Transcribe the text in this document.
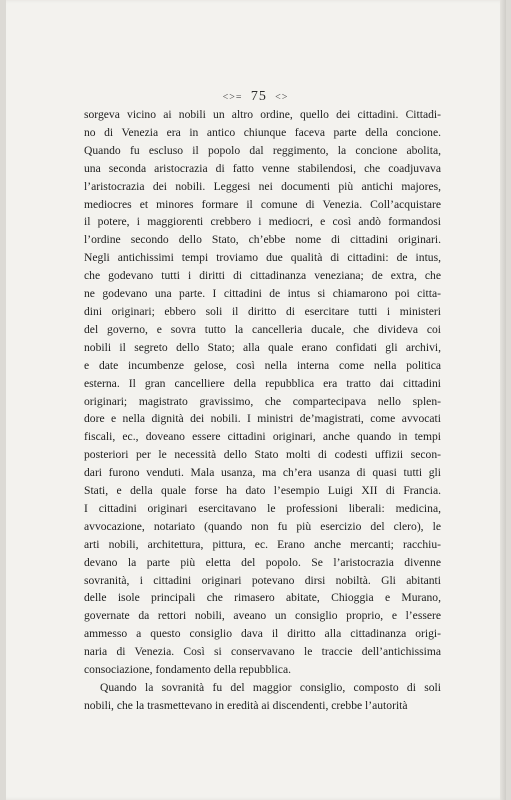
<>= 75 <>
sorgeva vicino ai nobili un altro ordine, quello dei cittadini. Cittadi-
no di Venezia era in antico chiunque faceva parte della concione.
Quando fu escluso il popolo dal reggimento, la concione abolita,
una seconda aristocrazia di fatto venne stabilendosi, che coadjuvava
l’aristocrazia dei nobili. Leggesi nei documenti più antichi majores,
mediocres et minores formare il comune di Venezia. Coll’acquistare
il potere, i maggiorenti crebbero i mediocri, e così andò formandosi
l’ordine secondo dello Stato, ch’ebbe nome di cittadini originari.
Negli antichissimi tempi troviamo due qualità di cittadini: de intus,
che godevano tutti i diritti di cittadinanza veneziana; de extra, che
ne godevano una parte. I cittadini de intus si chiamarono poi citta-
dini originari; ebbero soli il diritto di esercitare tutti i ministeri
del governo, e sovra tutto la cancelleria ducale, che divideva coi
nobili il segreto dello Stato; alla quale erano confidati gli archivi,
e date incumbenze gelose, così nella interna come nella politica
esterna. Il gran cancelliere della repubblica era tratto dai cittadini
originari; magistrato gravissimo, che compartecipava nello splen-
dore e nella dignità dei nobili. I ministri de’magistrati, come avvocati
fiscali, ec., doveano essere cittadini originari, anche quando in tempi
posteriori per le necessità dello Stato molti di codesti uffizii secon-
dari furono venduti. Mala usanza, ma ch’era usanza di quasi tutti gli
Stati, e della quale forse ha dato l’esempio Luigi XII di Francia.
I cittadini originari esercitavano le professioni liberali: medicina,
avvocazione, notariato (quando non fu più esercizio del clero), le
arti nobili, architettura, pittura, ec. Erano anche mercanti; racchiu-
devano la parte più eletta del popolo. Se l’aristocrazia divenne
sovranità, i cittadini originari potevano dirsi nobiltà. Gli abitanti
delle isole principali che rimasero abitate, Chioggia e Murano,
governate da rettori nobili, aveano un consiglio proprio, e l’essere
ammesso a questo consiglio dava il diritto alla cittadinanza origi-
naria di Venezia. Così si conservavano le traccie dell’antichissima
consociazione, fondamento della repubblica.
Quando la sovranità fu del maggior consiglio, composto di soli
nobili, che la trasmettevano in eredità ai discendenti, crebbe l’autorità
